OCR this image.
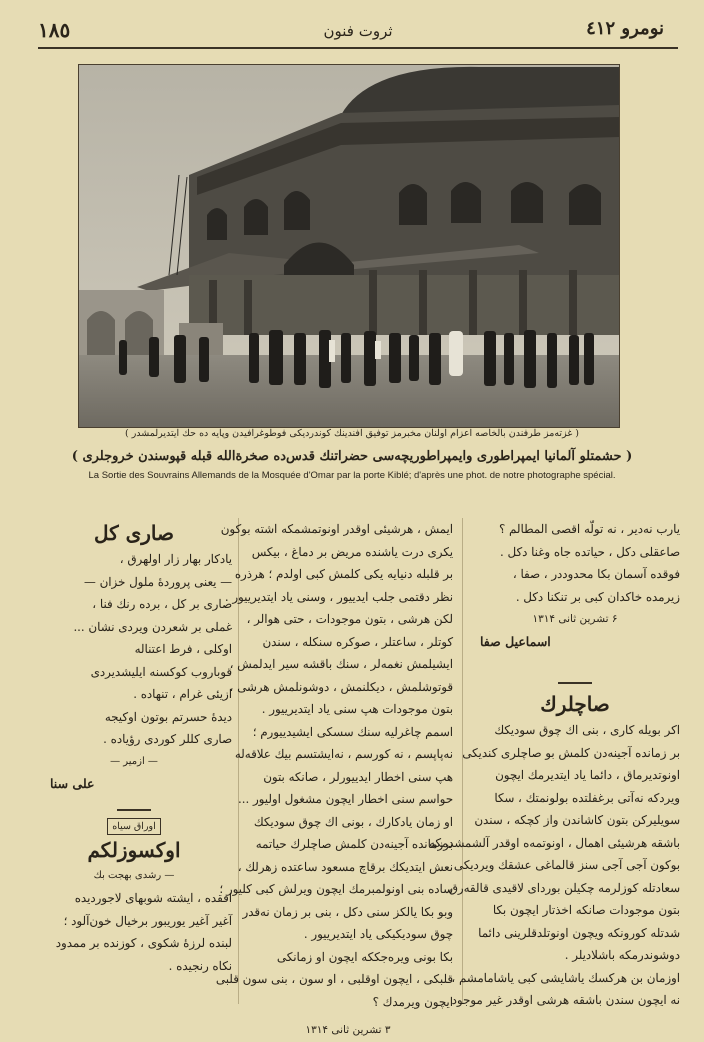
١٨٥	ثروت فنون	نومرو ٤١٢
( غزته‌مز طرفندن بالخاصه اعزام اولنان مخبرمز توفیق افندینك كوندردیکی فوطوغرافیدن وپایه ده حك ایتدیرلمشدر )
( حشمتلو آلمانیا ایمپراطوری وایمپراطوریچه‌سی حضراتنك قدس‌ده صخرة‌الله قبله قپوسندن خروجلری )
La Sortie des Souvrains Allemands de la Mosquée d'Omar par la porte Kiblé; d'après une phot. de notre photographe spécial.
یارب نه‌دیر ، نه تولّه اقصی المطالم ؟
صاعقلی دکل ، حیاتده جاه وغنا دکل .
فوقده آسمان بکا محدوددر ، صفا ،
زیرمده خاکدان کبی بر تنکنا دکل .
۶ تشرین ثانی ۱۳۱۴
اسماعیل صفا
صاچلرك
اکر بویله کاری ، بنی اك چوق سودیکك
بر زمانده آجینه‌دن کلمش بو صاچلری کندیکی
اونوتدیرماق ، دائما یاد ایتدیرمك ایچون
ویردکه نه‌آتی برغفلتده بولونمتك ، سکا
سویلیرکن بتون کاشاندن واز کچکه ، سندن
باشقه هرشیئی اهمال ، اونوتمه‌ه اوقدر آلشمشدمکه
بوکون آجی آجی سنز قالماغی عشقك ویردیکی
سعادتله کوزلرمه چکیلن بوردای لاقیدی قالقه‌رق
بتون موجودات صانکه اخذتار ایچون بکا
شدتله کورونکه ویچون اونوتلدقلرینی دائما
دوشوندرمکه باشلادیلر .
اوزمان بن هرکسك یاشایشی کبی یاشامامشم ،
نه ایچون سندن باشقه هرشی اوقدر غیر موجود
ایمش ، هرشیئی اوقدر اونوتمشمکه اشته بوکون
یکری درت یاشنده مریض بر دماغ ، بیکس
بر قلبله دنیایه یکی کلمش کبی اولدم ؛ هرذره
نظر دقتمی جلب ایدییور ، وسنی یاد ایتدیرییور .
لکن هرشی ، بتون موجودات ، حتی هوالر ،
کوتلر ، ساعتلر ، صوکره سنکله ، سندن
ایشیلمش نغمه‌لر ، سنك باقشه سیر ایدلمش ،
قوتوشلمش ، دیکلنمش ، دوشونلمش هرشی ،
بتون موجودات هپ سنی یاد ایتدیرییور .
اسمم چاغرلیه سنك سسکی ایشیدییورم ؛
نه‌پاپسم ، نه کورسم ، نه‌ایشتسم بیك علاقه‌له
هپ سنی اخطار ایدییورلر ، صانکه بتون
حواسم سنی اخطار ایچون مشغول اولیور ...
او زمان یادکارك ، بونی اك چوق سودیکك
برزمانده آجینه‌دن کلمش صاچلرك حیاتمه
نعش ایتدیکك برقاچ مسعود ساعتده زهرلك ،
ساده بنی اونولمبرمك ایچون ویرلش کبی کلیور ؛
وبو بکا یالکز سنی دکل ، بنی بر زمان نه‌قدر
چوق سودیکیکی یاد ایتدیرییور .
بکا بونی ویره‌جککه ایچون او زمانکی
قلبکی ، ایچون اوقلبی ، او سون ، بنی سون قلبی
ایچون ویرمدك ؟
۳ تشرین ثانی ۱۳۱۴
صاری کل
یادکار بهار زار اولهرق ،
— یعنی پروردۀ ملول خزان —
صاری بر کل ، برده رنك فنا ،
غملی بر شعردن ویردی نشان ...
اوکلی ، فرط اعتناله
قوباروب کوکسنه ایلیشدیردی
ازیئی غرام ، تنهاده .
دیدۀ حسرتم بوتون اوکیجه
صاری کللر کوردی رؤیاده .
— ازمیر —
علی سنا
اوراق سیاه
اوکسوزلکم
— رشدی بهجت بك
افقده ، ایشته شوبهای لاجوردیده
آغیر آغیر یوریبور برخیال خون‌آلود ؛
لبنده لرزۀ شکوی ، کوزنده بر ممدود
نکاه رنجیده .
